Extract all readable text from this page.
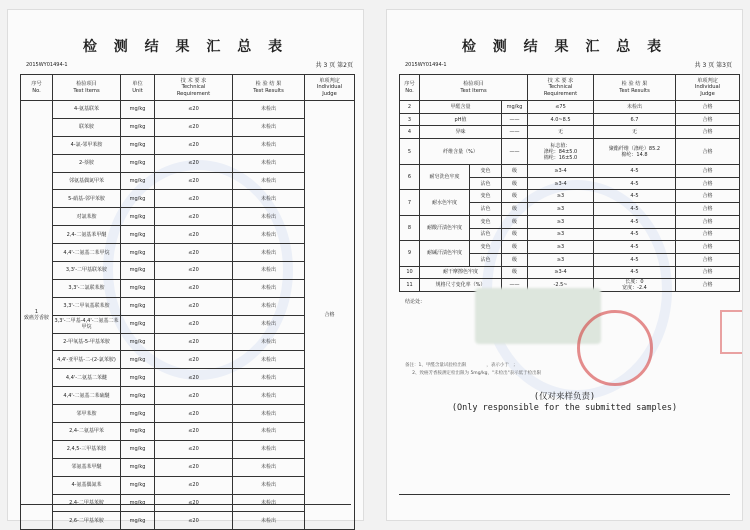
检 测 结 果 汇 总 表
2015WY01494-1	共 3 页 第2页
序号
No.	检验项目
Test Items	单位
Unit	技 术 要 求
Technical
Requirement	检 验 结 果
Test Results	单项判定
Individual
Judge
1
致癌芳香胺	4-氨基联苯	mg/kg	≤20	未检出	合格
	联苯胺	mg/kg	≤20	未检出	
	4-氯-邻甲苯胺	mg/kg	≤20	未检出	
	2-萘胺	mg/kg	≤20	未检出	
	邻氨基偶氮甲苯	mg/kg	≤20	未检出	
	5-硝基-邻甲苯胺	mg/kg	≤20	未检出	
	对氯苯胺	mg/kg	≤20	未检出	
	2,4-二氨基苯甲醚	mg/kg	≤20	未检出	
	4,4'-二氨基二苯甲烷	mg/kg	≤20	未检出	
	3,3'-二甲基联苯胺	mg/kg	≤20	未检出	
	3,3'-二氯联苯胺	mg/kg	≤20	未检出	
	3,3'-二甲氧基联苯胺	mg/kg	≤20	未检出	
	3,3'-二甲基-4,4'-二氨基二苯甲烷	mg/kg	≤20	未检出	
	2-甲氧基-5-甲基苯胺	mg/kg	≤20	未检出	
	4,4'-亚甲基-二-(2-氯苯胺)	mg/kg	≤20	未检出	
	4,4'-二氨基二苯醚	mg/kg	≤20	未检出	
	4,4'-二氨基二苯硫醚	mg/kg	≤20	未检出	
	邻甲苯胺	mg/kg	≤20	未检出	
	2,4-二氨基甲苯	mg/kg	≤20	未检出	
	2,4,5-三甲基苯胺	mg/kg	≤20	未检出	
	邻氨基苯甲醚	mg/kg	≤20	未检出	
	4-氨基偶氮苯	mg/kg	≤20	未检出	
	2,4-二甲基苯胺	mg/kg	≤20	未检出	
	2,6-二甲基苯胺	mg/kg	≤20	未检出	
检 测 结 果 汇 总 表
2015WY01494-1	共 3 页 第3页
序号
No.	检验项目
Test Items			技 术 要 求
Technical
Requirement	检 验 结 果
Test Results	单项判定
Individual
Judge
2	甲醛含量		mg/kg	≤75	未检出	合格
3	pH值		——	4.0~8.5	6.7	合格
4	异味		——	无	无	合格
5	纤维含量（%）		——	标志值：
涤纶：84±5.0
棉纶：16±5.0	聚酯纤维（涤纶）85.2
棉纶：14.8	合格
6	耐皂洗色牢度	变色	级	≥3-4	4-5	合格
		沾色	级	≥3-4	4-5	合格
7	耐水色牢度	变色	级	≥3	4-5	合格
		沾色	级	≥3	4-5	合格
8	耐酸汗渍色牢度	变色	级	≥3	4-5	合格
		沾色	级	≥3	4-5	合格
9	耐碱汗渍色牢度	变色	级	≥3	4-5	合格
		沾色	级	≥3	4-5	合格
10	耐干摩擦色牢度		级	≥3-4	4-5	合格
11	规格尺寸变化率（%）		——	-2.5~	长度：0
宽度：-2.4	合格
结论处：
备注：1、甲醛含量试验检出限              ，表示小于   ；
2、致癌芳香胺测定检出限为 5mg/kg，"未检出"表示低于检出限
(仅对来样负责)
(Only responsible for the submitted samples)
